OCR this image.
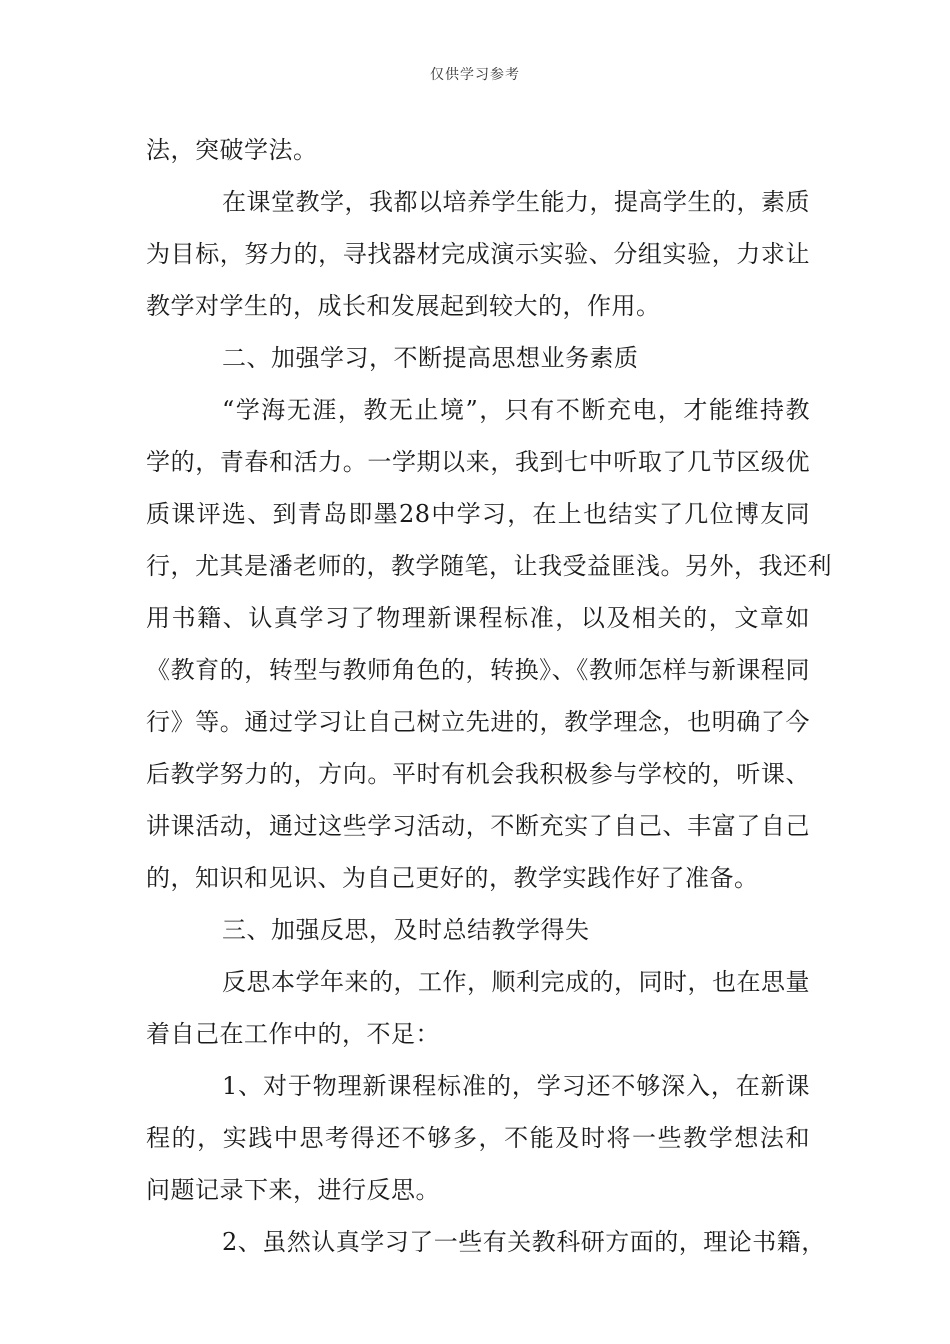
仅供学习参考
法，突破学法。
在课堂教学，我都以培养学生能力，提高学生的，素质
为目标，努力的，寻找器材完成演示实验、分组实验，力求让
教学对学生的，成长和发展起到较大的，作用。
二、加强学习，不断提高思想业务素质
“学海无涯，教无止境”，只有不断充电，才能维持教
学的，青春和活力。一学期以来，我到七中听取了几节区级优
质课评选、到青岛即墨28中学习，在上也结实了几位博友同
行，尤其是潘老师的，教学随笔，让我受益匪浅。另外，我还利
用书籍、认真学习了物理新课程标准，以及相关的，文章如
《教育的，转型与教师角色的，转换》、《教师怎样与新课程同
行》等。通过学习让自己树立先进的，教学理念，也明确了今
后教学努力的，方向。平时有机会我积极参与学校的，听课、
讲课活动，通过这些学习活动，不断充实了自己、丰富了自己
的，知识和见识、为自己更好的，教学实践作好了准备。
三、加强反思，及时总结教学得失
反思本学年来的，工作，顺利完成的，同时，也在思量
着自己在工作中的，不足：
1、对于物理新课程标准的，学习还不够深入，在新课
程的，实践中思考得还不够多，不能及时将一些教学想法和
问题记录下来，进行反思。
2、虽然认真学习了一些有关教科研方面的，理论书籍，
